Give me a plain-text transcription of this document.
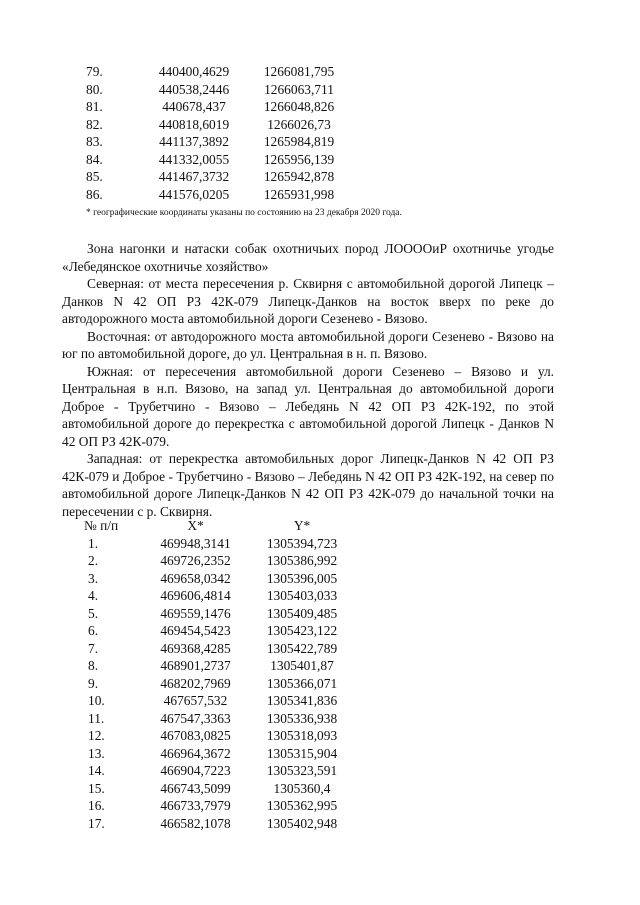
79.	440400,4629	1266081,795
80.	440538,2446	1266063,711
81.	440678,437	1266048,826
82.	440818,6019	1266026,73
83.	441137,3892	1265984,819
84.	441332,0055	1265956,139
85.	441467,3732	1265942,878
86.	441576,0205	1265931,998
* географические координаты указаны по состоянию на 23 декабря 2020 года.

Зона нагонки и натаски собак охотничьих пород ЛООООиР охотничье угодье «Лебедянское охотничье хозяйство»

Северная: от места пересечения р. Сквирня с автомобильной дорогой Липецк – Данков N 42 ОП РЗ 42К-079 Липецк-Данков на восток вверх по реке до автодорожного моста автомобильной дороги Сезенево - Вязово.

Восточная: от автодорожного моста автомобильной дороги Сезенево - Вязово на юг по автомобильной дороге, до ул. Центральная в н. п. Вязово.

Южная: от пересечения автомобильной дороги Сезенево – Вязово и ул. Центральная в н.п. Вязово, на запад ул. Центральная до автомобильной дороги Доброе - Трубетчино - Вязово – Лебедянь N 42 ОП РЗ 42К-192, по этой автомобильной дороге до перекрестка с автомобильной дорогой Липецк - Данков N 42 ОП РЗ 42К-079.

Западная: от перекрестка автомобильных дорог Липецк-Данков N 42 ОП РЗ 42К-079 и Доброе - Трубетчино - Вязово – Лебедянь N 42 ОП РЗ 42К-192, на север по автомобильной дороге Липецк-Данков N 42 ОП РЗ 42К-079 до начальной точки на пересечении с р. Сквирня.

№ п/п	X*	Y*
1.	469948,3141	1305394,723
2.	469726,2352	1305386,992
3.	469658,0342	1305396,005
4.	469606,4814	1305403,033
5.	469559,1476	1305409,485
6.	469454,5423	1305423,122
7.	469368,4285	1305422,789
8.	468901,2737	1305401,87
9.	468202,7969	1305366,071
10.	467657,532	1305341,836
11.	467547,3363	1305336,938
12.	467083,0825	1305318,093
13.	466964,3672	1305315,904
14.	466904,7223	1305323,591
15.	466743,5099	1305360,4
16.	466733,7979	1305362,995
17.	466582,1078	1305402,948
